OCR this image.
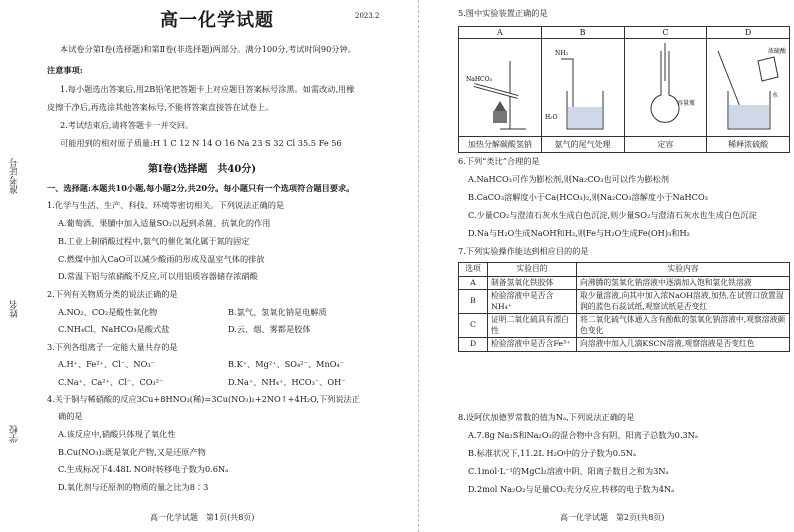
准考证号
姓名
学校
高一化学试题	2023.2
本试卷分第Ⅰ卷(选择题)和第Ⅱ卷(非选择题)两部分。满分100分,考试时间90分钟。
注意事项:
1.每小题选出答案后,用2B铅笔把答题卡上对应题目答案标号涂黑。如需改动,用橡
皮擦干净后,再选涂其他答案标号,不能将答案直接答在试卷上。
2.考试结束后,请将答题卡一并交回。
可能用到的相对原子质量:H 1 C 12 N 14 O 16 Na 23 S 32 Cl 35.5 Fe 56
第Ⅰ卷(选择题　共40分)
一、选择题:本题共10小题,每小题2分,共20分。每小题只有一个选项符合题目要求。
1.化学与生活、生产、科技、环境等密切相关。下列说法正确的是
A.葡萄酒、果脯中加入适量SO₂以起到杀菌、抗氧化的作用
B.工业上制硝酸过程中,氨气的催化氧化属于氮的固定
C.燃煤中加入CaO可以减少酸雨的形成及温室气体的排放
D.常温下铝与浓硝酸不反应,可以用铝质容器储存浓硝酸
2.下列有关物质分类的说法正确的是
A.NO₂、CO₂是酸性氧化物	B.氯气、氢氧化钠是电解质
C.NH₄Cl、NaHCO₃是酸式盐	D.云、烟、雾都是胶体
3.下列各组离子一定能大量共存的是
A.H⁺、Fe²⁺、Cl⁻、NO₃⁻	B.K⁺、Mg²⁺、SO₄²⁻、MnO₄⁻
C.Na⁺、Ca²⁺、Cl⁻、CO₃²⁻	D.Na⁺、NH₄⁺、HCO₃⁻、OH⁻
4.关于铜与稀硝酸的反应3Cu+8HNO₃(稀)=3Cu(NO₃)₂+2NO↑+4H₂O,下列说法正
确的是
A.该反应中,硝酸只体现了氧化性
B.Cu(NO₃)₂既是氧化产物,又是还原产物
C.生成标况下4.48L NO时转移电子数为0.6Nₐ
D.氧化剂与还原剂的物质的量之比为8∶3
高一化学试题　第1页(共8页)
5.图中实验装置正确的是
A	B	C	D

NaHCO₃	NH₃
H₂O	容量瓶	浓硫酸
水

加热分解碳酸氢钠	氨气的尾气处理	定容	稀释浓硫酸
6.下列“类比”合理的是
A.NaHCO₃可作为膨松剂,则Na₂CO₃也可以作为膨松剂
B.CaCO₃溶解度小于Ca(HCO₃)₂,则Na₂CO₃溶解度小于NaHCO₃
C.少量CO₂与澄清石灰水生成白色沉淀,则少量SO₂与澄清石灰水也生成白色沉淀
D.Na与H₂O生成NaOH和H₂,则Fe与H₂O生成Fe(OH)₃和H₂
7.下列实验操作能达到相应目的的是
选项	实验目的	实验内容
A	制备氢氧化铁胶体	向沸腾的氢氧化钠溶液中逐滴加入饱和氯化铁溶液
B	检验溶液中是否含NH₄⁺	取少量溶液,向其中加入浓NaOH溶液,加热,在试管口放置湿润的蓝色石蕊试纸,观察试纸是否变红
C	证明二氧化硫具有漂白性	将二氧化硫气体通入含有酚酞的氢氧化钠溶液中,观察溶液颜色变化
D	检验溶液中是否含Fe³⁺	向溶液中加入几滴KSCN溶液,观察溶液是否变红色
8.设阿伏加德罗常数的值为Nₐ,下列说法正确的是
A.7.8g Na₂S和Na₂O₂的混合物中含有阴、阳离子总数为0.3Nₐ
B.标准状况下,11.2L H₂O中的分子数为0.5Nₐ
C.1mol·L⁻¹的MgCl₂溶液中阴、阳离子数目之和为3Nₐ
D.2mol Na₂O₂与足量CO₂充分反应,转移的电子数为4Nₐ
高一化学试题　第2页(共8页)
